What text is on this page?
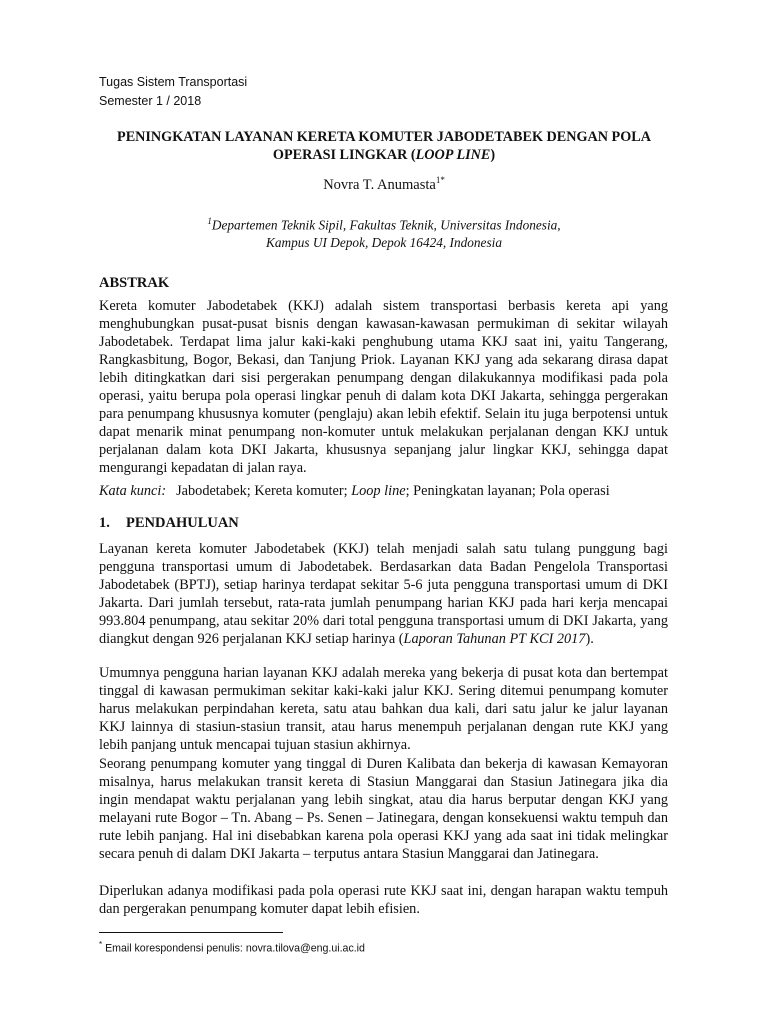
Tugas Sistem Transportasi
Semester 1 / 2018
PENINGKATAN LAYANAN KERETA KOMUTER JABODETABEK DENGAN POLA
OPERASI LINGKAR (LOOP LINE)
Novra T. Anumasta$^{1*}$
$^1$Departemen Teknik Sipil, Fakultas Teknik, Universitas Indonesia,
Kampus UI Depok, Depok 16424, Indonesia
ABSTRAK

Kereta komuter Jabodetabek (KKJ) adalah sistem transportasi berbasis kereta api yang menghubungkan pusat-pusat bisnis dengan kawasan-kawasan permukiman di sekitar wilayah Jabodetabek. Terdapat lima jalur kaki-kaki penghubung utama KKJ saat ini, yaitu Tangerang, Rangkasbitung, Bogor, Bekasi, dan Tanjung Priok. Layanan KKJ yang ada sekarang dirasa dapat lebih ditingkatkan dari sisi pergerakan penumpang dengan dilakukannya modifikasi pada pola operasi, yaitu berupa pola operasi lingkar penuh di dalam kota DKI Jakarta, sehingga pergerakan para penumpang khususnya komuter (penglaju) akan lebih efektif. Selain itu juga berpotensi untuk dapat menarik minat penumpang non-komuter untuk melakukan perjalanan dengan KKJ untuk perjalanan dalam kota DKI Jakarta, khususnya sepanjang jalur lingkar KKJ, sehingga dapat mengurangi kepadatan di jalan raya.

Kata kunci: Jabodetabek; Kereta komuter; Loop line; Peningkatan layanan; Pola operasi
1. PENDAHULUAN

Layanan kereta komuter Jabodetabek (KKJ) telah menjadi salah satu tulang punggung bagi pengguna transportasi umum di Jabodetabek. Berdasarkan data Badan Pengelola Transportasi Jabodetabek (BPTJ), setiap harinya terdapat sekitar 5-6 juta pengguna transportasi umum di DKI Jakarta. Dari jumlah tersebut, rata-rata jumlah penumpang harian KKJ pada hari kerja mencapai 993.804 penumpang, atau sekitar 20% dari total pengguna transportasi umum di DKI Jakarta, yang diangkut dengan 926 perjalanan KKJ setiap harinya (Laporan Tahunan PT KCI 2017).

Umumnya pengguna harian layanan KKJ adalah mereka yang bekerja di pusat kota dan bertempat tinggal di kawasan permukiman sekitar kaki-kaki jalur KKJ. Sering ditemui penumpang komuter harus melakukan perpindahan kereta, satu atau bahkan dua kali, dari satu jalur ke jalur layanan KKJ lainnya di stasiun-stasiun transit, atau harus menempuh perjalanan dengan rute KKJ yang lebih panjang untuk mencapai tujuan stasiun akhirnya.

Seorang penumpang komuter yang tinggal di Duren Kalibata dan bekerja di kawasan Kemayoran misalnya, harus melakukan transit kereta di Stasiun Manggarai dan Stasiun Jatinegara jika dia ingin mendapat waktu perjalanan yang lebih singkat, atau dia harus berputar dengan KKJ yang melayani rute Bogor – Tn. Abang – Ps. Senen – Jatinegara, dengan konsekuensi waktu tempuh dan rute lebih panjang. Hal ini disebabkan karena pola operasi KKJ yang ada saat ini tidak melingkar secara penuh di dalam DKI Jakarta – terputus antara Stasiun Manggarai dan Jatinegara.

Diperlukan adanya modifikasi pada pola operasi rute KKJ saat ini, dengan harapan waktu tempuh dan pergerakan penumpang komuter dapat lebih efisien.

* Email korespondensi penulis: novra.tilova@eng.ui.ac.id
